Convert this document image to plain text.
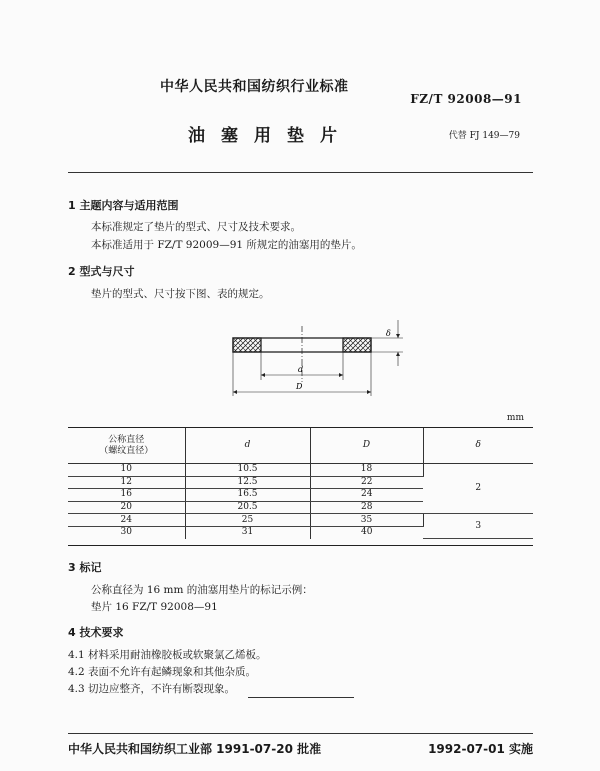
中华人民共和国纺织行业标准
FZ/T 92008—91
油塞用垫片	代替 FJ 149—79
1 主题内容与适用范围
本标准规定了垫片的型式、尺寸及技术要求。
本标准适用于 FZ/T 92009—91 所规定的油塞用的垫片。
2 型式与尺寸
垫片的型式、尺寸按下图、表的规定。
δ
d
D
mm
公称直径
（螺纹直径）	d	D	δ
10	10.5	18	2
12	12.5	22	
16	16.5	24	
20	20.5	28	
24	25	35	3
30	31	40	
3 标记
公称直径为 16 mm 的油塞用垫片的标记示例：
垫片 16 FZ/T 92008—91
4 技术要求
4.1 材料采用耐油橡胶板或软聚氯乙烯板。
4.2 表面不允许有起鳞现象和其他杂质。
4.3 切边应整齐，不许有断裂现象。
中华人民共和国纺织工业部 1991-07-20 批准	1992-07-01 实施
